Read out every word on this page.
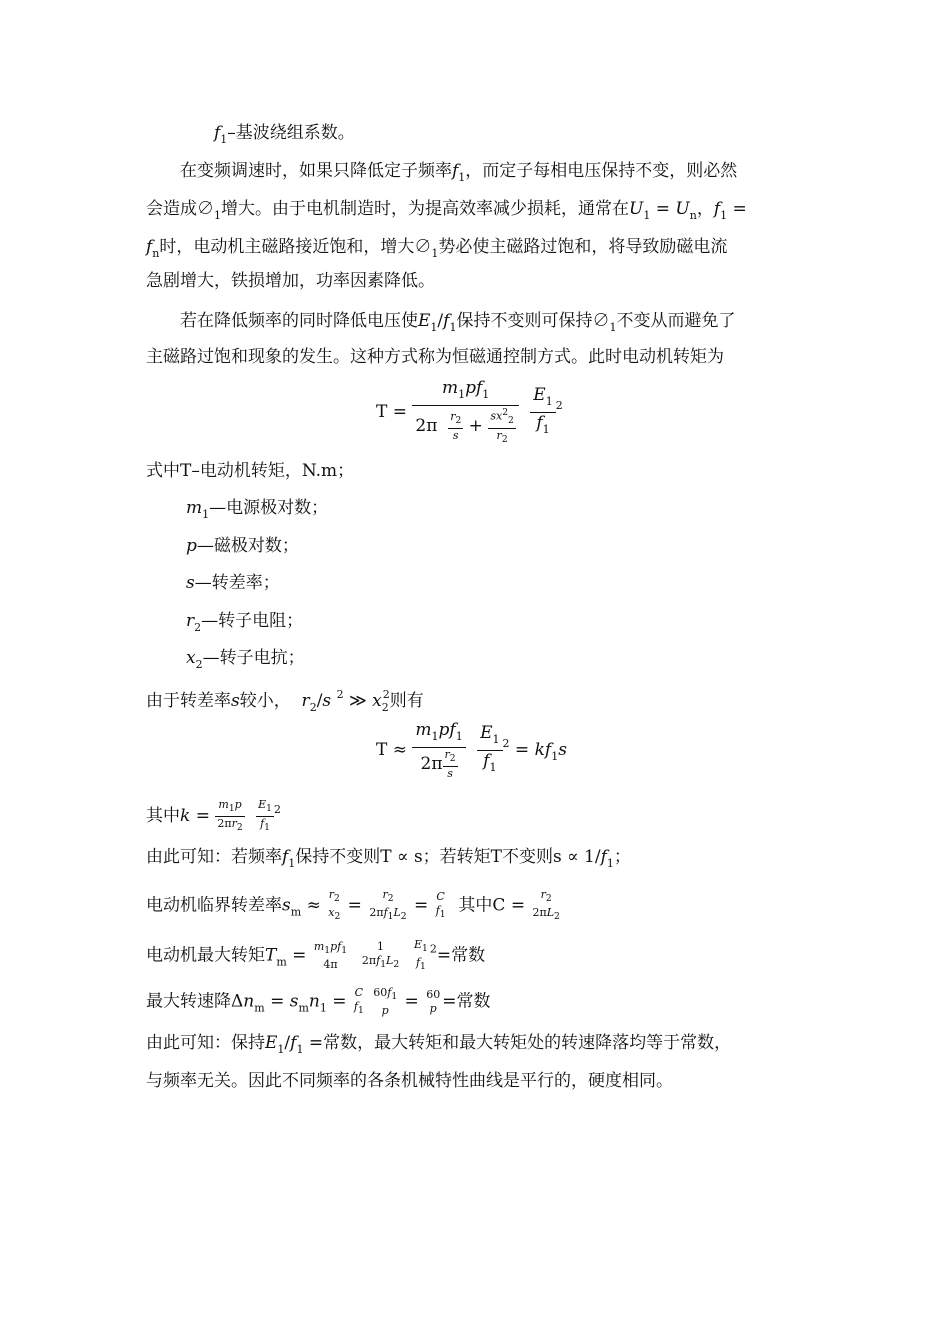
$f_1-$基波绕组系数。
在变频调速时，如果只降低定子频率$f_1$，而定子每相电压保持不变，则必然
会造成$\emptyset_1$增大。由于电机制造时，为提高效率减少损耗，通常在$U_1 = U_n$，$f_1$ =
$f_n$时，电动机主磁路接近饱和，增大$\emptyset_1$势必使主磁路过饱和，将导致励磁电流
急剧增大，铁损增加，功率因素降低。
若在降低频率的同时降低电压使$E_1/f_1$保持不变则可保持$\emptyset_1$不变从而避免了
主磁路过饱和现象的发生。这种方式称为恒磁通控制方式。此时电动机转矩为
$T = \frac{m_1pf_1}{2\pi \frac{r_2}{s} + \frac{sx^2_2}{r_2}}$
$\frac{E_1}{f_1} ^2$
式中T–电动机转矩，N.m；
$m_1—$电源极对数；
p—磁极对数；
s—转差率；
$r_2—$转子电阻；
$x_2—$转子电抗；
由于转差率s较小， $r_2/s$ $^2$ ≫ $x_2^2$则有
$T \approx \frac{m_1pf_1}{2\pi \frac{r_2}{s}}$
$\frac{E_1}{f_1} ^2 = kf_1s$
其中$k = \frac{m_1p}{2\pi r_2}$
$\frac{E_1}{f_1} ^2$
由此可知：若频率$f_1$保持不变则T ∝ s；若转矩T不变则$s \propto 1/f_1$；
电动机临界转差率$s_m$ ≈
$r_2$
$x_2$
=
$r_2$
$2\pi f_1L_2$
= C
$f_1$ 其中C =
$r_2$
$2\pi L_2$
电动机最大转矩$T_m = m_1pf_1$
4π

1
$2\pi f_1L_2$

$E_1$
$f_1$
$^2$=常数
最大转速降$\Delta n_m = s_mn_1 = C$
$f_1$

$60f_1$
p = 60
p =常数
由此可知：保持$E_1/f_1$ =常数，最大转矩和最大转矩处的转速降落均等于常数，
与频率无关。因此不同频率的各条机械特性曲线是平行的，硬度相同。
